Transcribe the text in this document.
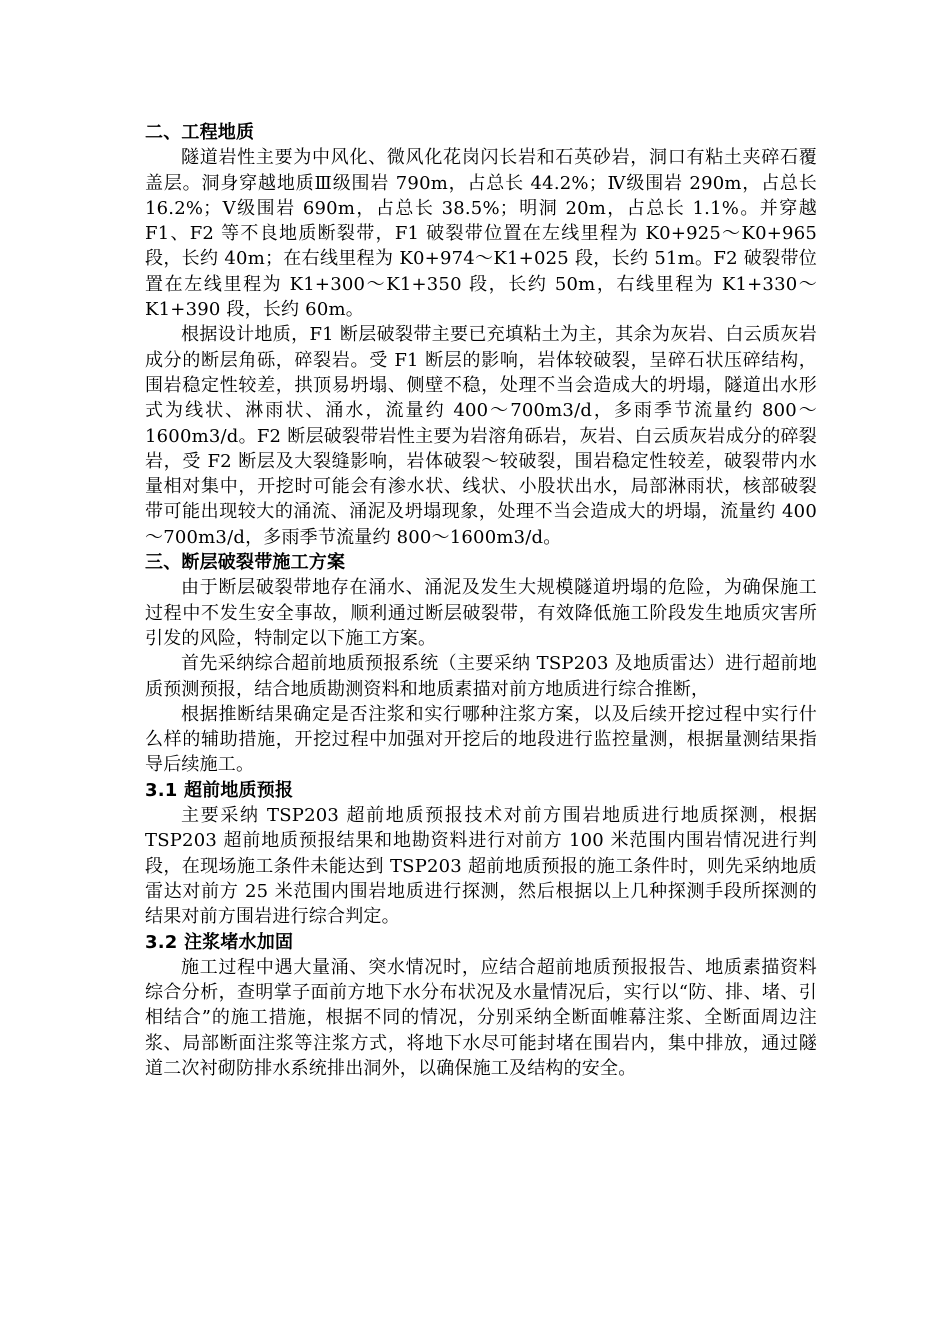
二、工程地质

隧道岩性主要为中风化、微风化花岗闪长岩和石英砂岩，洞口有粘土夹碎石覆盖层。洞身穿越地质Ⅲ级围岩 790m，占总长 44.2%；Ⅳ级围岩 290m，占总长 16.2%；Ⅴ级围岩 690m，占总长 38.5%；明洞 20m，占总长 1.1%。并穿越 F1、F2 等不良地质断裂带，F1 破裂带位置在左线里程为 K0+925～K0+965 段，长约 40m；在右线里程为 K0+974～K1+025 段，长约 51m。F2 破裂带位置在左线里程为 K1+300～K1+350 段，长约 50m，右线里程为 K1+330～K1+390 段，长约 60m。

根据设计地质，F1 断层破裂带主要已充填粘土为主，其余为灰岩、白云质灰岩成分的断层角砾，碎裂岩。受 F1 断层的影响，岩体较破裂，呈碎石状压碎结构，围岩稳定性较差，拱顶易坍塌、侧壁不稳，处理不当会造成大的坍塌，隧道出水形式为线状、淋雨状、涌水，流量约 400～700m3/d，多雨季节流量约 800～1600m3/d。F2 断层破裂带岩性主要为岩溶角砾岩，灰岩、白云质灰岩成分的碎裂岩，受 F2 断层及大裂缝影响，岩体破裂～较破裂，围岩稳定性较差，破裂带内水量相对集中，开挖时可能会有渗水状、线状、小股状出水，局部淋雨状，核部破裂带可能出现较大的涌流、涌泥及坍塌现象，处理不当会造成大的坍塌，流量约 400～700m3/d，多雨季节流量约 800～1600m3/d。

三、断层破裂带施工方案

由于断层破裂带地存在涌水、涌泥及发生大规模隧道坍塌的危险，为确保施工过程中不发生安全事故，顺利通过断层破裂带，有效降低施工阶段发生地质灾害所引发的风险，特制定以下施工方案。

首先采纳综合超前地质预报系统（主要采纳 TSP203 及地质雷达）进行超前地质预测预报，结合地质勘测资料和地质素描对前方地质进行综合推断，

根据推断结果确定是否注浆和实行哪种注浆方案，以及后续开挖过程中实行什么样的辅助措施，开挖过程中加强对开挖后的地段进行监控量测，根据量测结果指导后续施工。

3.1 超前地质预报

主要采纳 TSP203 超前地质预报技术对前方围岩地质进行地质探测，根据 TSP203 超前地质预报结果和地勘资料进行对前方 100 米范围内围岩情况进行判段，在现场施工条件未能达到 TSP203 超前地质预报的施工条件时，则先采纳地质雷达对前方 25 米范围内围岩地质进行探测，然后根据以上几种探测手段所探测的结果对前方围岩进行综合判定。

3.2 注浆堵水加固

施工过程中遇大量涌、突水情况时，应结合超前地质预报报告、地质素描资料综合分析，查明掌子面前方地下水分布状况及水量情况后，实行以“防、排、堵、引相结合”的施工措施，根据不同的情况，分别采纳全断面帷幕注浆、全断面周边注浆、局部断面注浆等注浆方式，将地下水尽可能封堵在围岩内，集中排放，通过隧道二次衬砌防排水系统排出洞外，以确保施工及结构的安全。
